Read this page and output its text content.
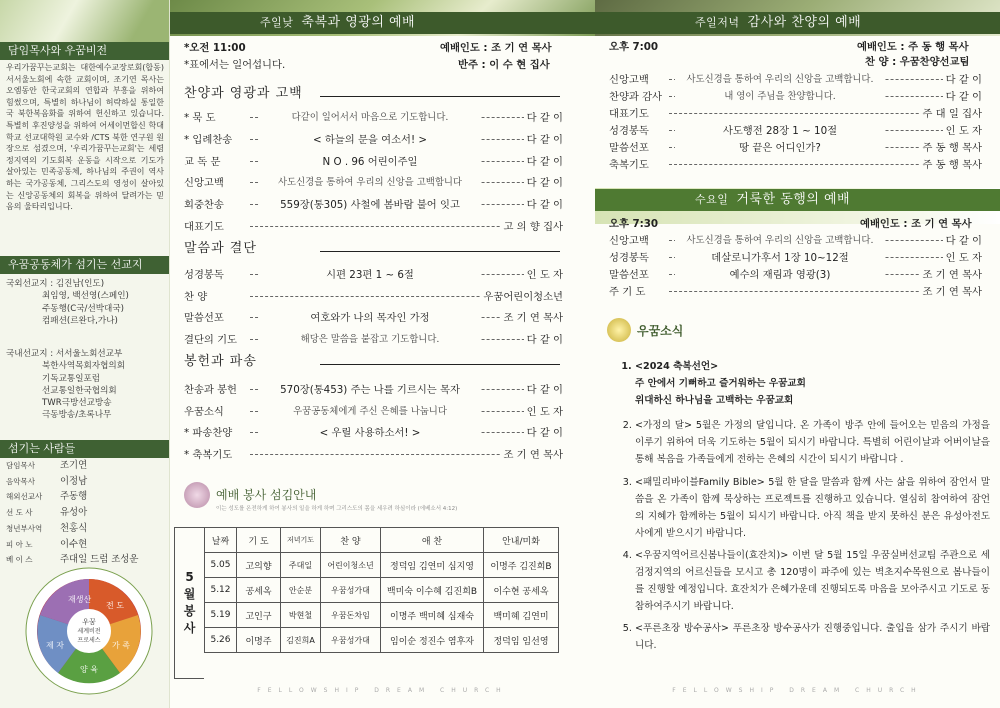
담임목사와 우꿈비전
우리가꿈꾸는교회는 대한예수교장로회(합동) 서서울노회에 속한 교회이며, 조기연 목사는 오엠동안 한국교회의 연합과 부흥을 위하여 힘썼으며, 특별히 하나님이 허락하실 통일한국 북한복음화를 위하여 헌신하고 있습니다. 특별히 후진양성을 위하여 어세이먼합신 학대학교 선교대학원 교수와 /CTS 북한 연구원 원장으로 섬겼으며, '우리가꿈꾸는교회'는 세렴정지역의 기도회복 운동을 시작으로 기도가 살아있는 민족공동체, 하나님의 주권이 역사하는 국가공동체, 그리스도의 영성이 살아있는 신앙공동체의 회복을 위하여 달려가는 믿음의 울타리입니다.
우꿈공동체가 섬기는 선교지
국외선교지 : 김진남(인도)
최임영, 백선영(스페인)
주동행(C국/선박대국)
컴패션(르완다,가나)
국내선교지 : 서서울노회선교부
북한사역목회자협의회
기독교통일포럼
선교통일한국협의회
TWR극방선교방송
극동방송/초록나무
섬기는 사람들
담임목사	조기연
음악목사	이정남
해외선교사 주동행
선 도 사	유성아
청년부사역 천홍식
피 아 노	이수현
베 이 스	주대일 드럼 조성운
재생산
전 도
가 족
양 육
제 자
우꿈
세계비전
프로세스
주일낮 축복과 영광의 예배
*오전 11:00	예배인도 : 조 기 연 목사
*표에서는 일어섭니다.	반주 : 이 수 현 집사
찬양과 영광과 고백
* 묵 도	다같이 일어서서 마음으로 기도합니다.	다 같 이
* 입례찬송	< 하늘의 문을 여소서! >	다 같 이
교 독 문	N O . 96 어린이주일	다 같 이
신앙고백	사도신경을 통하여 우리의 신앙을 고백합니다	다 같 이
회중찬송	559장(통305) 사철에 봄바람 불어 잇고	다 같 이
대표기도	고 의 향 집사
말씀과 결단
성경봉독	시편 23편 1 ~ 6절	인 도 자
찬 양	우꿈어린이청소년
말씀선포	여호와가 나의 목자인 가정	조 기 연 목사
결단의 기도	해당은 말씀을 붙잡고 기도합니다.	다 같 이
봉헌과 파송
찬송과 봉헌	570장(통453) 주는 나를 기르시는 목자	다 같 이
우꿈소식	우꿈공동체에게 주신 은혜를 나눕니다	인 도 자
* 파송찬양	< 우릴 사용하소서! >	다 같 이
* 축복기도	조 기 연 목사
예배 봉사 섬김안내
이는 성도를 온전하게 하여 봉사의 일을 하게 하며 그리스도의 몸을 세우려 하심이라 (에베소서 4:12)
5
월
봉
사
날짜	기 도	저녁기도	찬 양	애 찬	안내/미화
5.05	고의향	주대일	어린이청소년	정덕임 김연미 심지영	이명주 김진희B
5.12	공세옥	안순분	우꿈성가대	백미숙 이수혜 김진희B	이수현 공세옥
5.19	고인구	박현철	우꿈돈차임	이명주 백미혜 심재숙	백미혜 김연미
5.26	이명주	김진희A	우꿈성가대	임이순 정진수 염후자	정덕임 임선영
FELLOWSHIP DREAM CHURCH
주일저녁 감사와 찬양의 예배
오후 7:00	예배인도 : 주 동 행 목사
찬 양 : 우꿈찬양선교팀
신앙고백	사도신경을 통하여 우리의 신앙을 고백합니다.	다 같 이
찬양과 감사	내 영이 주님을 찬양합니다.	다 같 이
대표기도	주 대 일 집사
성경봉독	사도행전 28장 1 ~ 10절	인 도 자
말씀선포	땅 끝은 어디인가?	주 동 행 목사
축복기도	주 동 행 목사
신앙고백	사도신경을 통하여 우리의 신앙을 고백합니다.	다 같 이
성경봉독	데살로니가후서 1장 10~12절	인 도 자
말씀선포	예수의 재림과 영광(3)	조 기 연 목사
주 기 도	조 기 연 목사
수요일 거룩한 동행의 예배
오후 7:30	예배인도 : 조 기 연 목사
우꿈소식
1. <2024 축복선언>
주 안에서 기뻐하고 즐거워하는 우꿈교회
위대하신 하나님을 고백하는 우꿈교회
2. <가정의 달> 5월은 가정의 달입니다. 온 가족이 방주 안에 들어오는 믿음의 가정을 이루기 위하여 더욱 기도하는 5월이 되시기 바랍니다. 특별히 어린이날과 어버이날을 통해 복음을 가족들에게 전하는 은혜의 시간이 되시기 바랍니다 .
3. <패밀리바이블Family Bible> 5월 한 달을 말씀과 함께 사는 삶을 위하여 잠언서 말씀을 온 가족이 함께 묵상하는 프로젝트를 진행하고 있습니다. 열심히 참여하여 잠언의 지혜가 함께하는 5월이 되시기 바랍니다. 아직 책을 받지 못하신 분은 유성아전도사에게 받으시기 바랍니다.
4. <우꿈지역어르신봄나들이(효잔치)> 이번 달 5월 15일 우꿈실버선교팀 주관으로 세검정지역의 어르신들을 모시고 총 120명이 파주에 있는 벽초지수목원으로 봄나들이를 진행할 예정입니다. 효잔치가 은혜가운데 진행되도록 마음을 모아주시고 기도로 동참하여주시기 바랍니다.
5. <푸른초장 방수공사> 푸른초장 방수공사가 진행중입니다. 출입을 삼가 주시기 바랍니다.
FELLOWSHIP DREAM CHURCH
